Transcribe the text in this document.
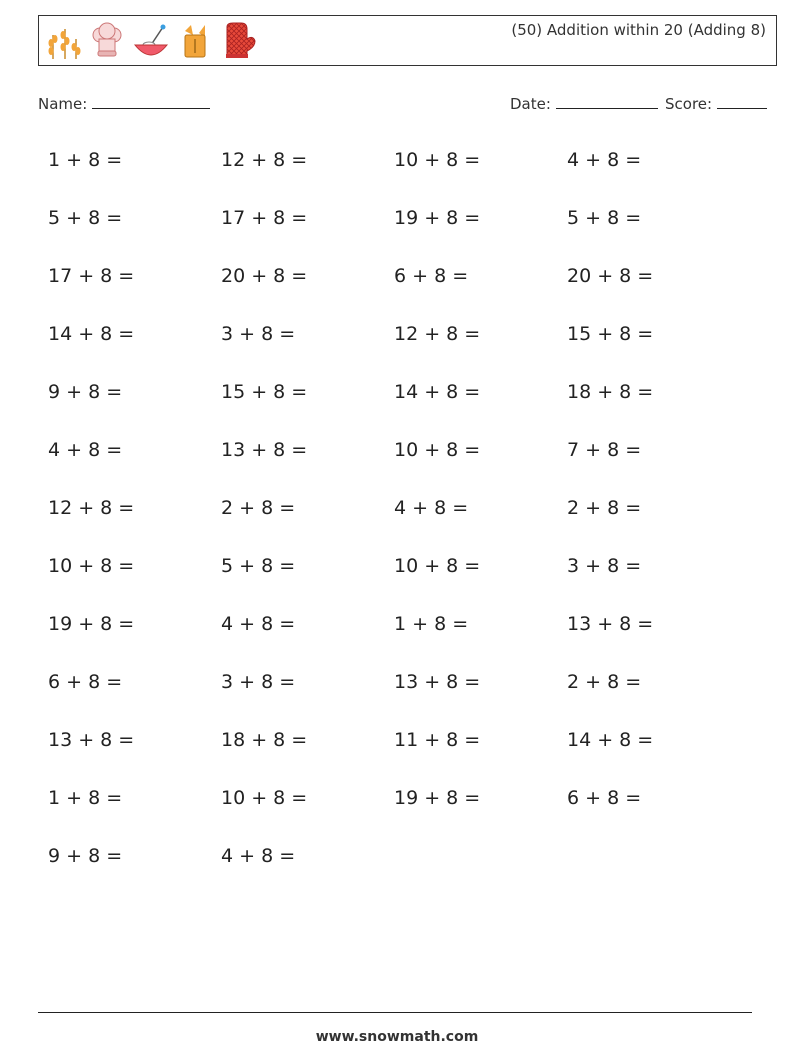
(50) Addition within 20 (Adding 8)
Name:	Date:	Score:
1 + 8 =	12 + 8 =	10 + 8 =	4 + 8 =
5 + 8 =	17 + 8 =	19 + 8 =	5 + 8 =
17 + 8 =	20 + 8 =	6 + 8 =	20 + 8 =
14 + 8 =	3 + 8 =	12 + 8 =	15 + 8 =
9 + 8 =	15 + 8 =	14 + 8 =	18 + 8 =
4 + 8 =	13 + 8 =	10 + 8 =	7 + 8 =
12 + 8 =	2 + 8 =	4 + 8 =	2 + 8 =
10 + 8 =	5 + 8 =	10 + 8 =	3 + 8 =
19 + 8 =	4 + 8 =	1 + 8 =	13 + 8 =
6 + 8 =	3 + 8 =	13 + 8 =	2 + 8 =
13 + 8 =	18 + 8 =	11 + 8 =	14 + 8 =
1 + 8 =	10 + 8 =	19 + 8 =	6 + 8 =
9 + 8 =	4 + 8 =
www.snowmath.com
